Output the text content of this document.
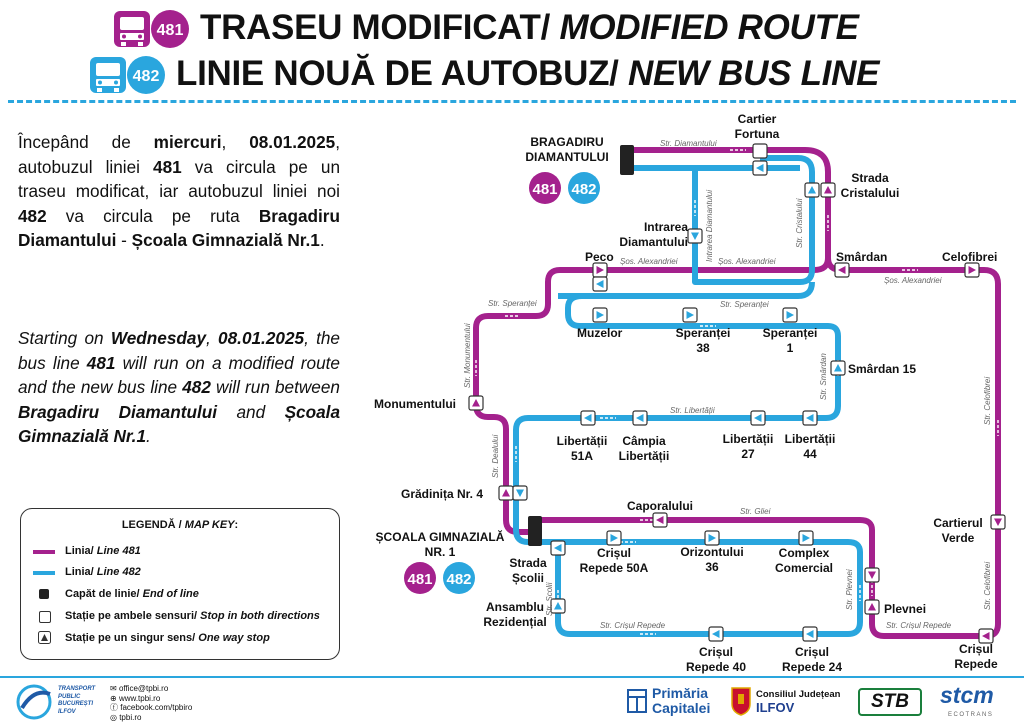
481 TRASEU MODIFICAT/ MODIFIED ROUTE
482 LINIE NOUĂ DE AUTOBUZ/ NEW BUS LINE
Începând de miercuri, 08.01.2025, autobuzul liniei 481 va circula pe un traseu modificat, iar autobuzul liniei noi 482 va circula pe ruta Bragadiru Diamantului - Școala Gimnazială Nr.1.
Starting on Wednesday, 08.01.2025, the bus line 481 will run on a modified route and the new bus line 482 will run between Bragadiru Diamantului and Școala Gimnazială Nr.1.
LEGENDĂ / MAP KEY:
Linia/ Line 481
Linia/ Line 482
Capăt de linie/ End of line
Stație pe ambele sensuri/ Stop in both directions
Stație pe un singur sens/ One way stop
Str. Diamantului
Șos. Alexandriei	Șos. Alexandriei
Șos. Alexandriei
Intrarea Diamantului	Str. Cristalului
Str. Speranței	Str. Speranței
Str. Monumentului	Str. Smârdan
Str. Libertății	Str. Celofibrei
Str. Celofibrei
Str. Dealului
Str. Gliei
Str. Școlii	Str. Plevnei
Str. Crișul Repede	Str. Crișul Repede
BRAGADIRU DIAMANTULUI
481 482
ȘCOALA GIMNAZIALĂ NR. 1
481 482
Cartier Fortuna
Strada Cristalului
Intrarea Diamantului
Peco	Smârdan	Celofibrei
Muzelor	Speranței 38
Speranței 1
Smârdan 15
Monumentului
Libertății 51A
Câmpia Libertății
Libertății 27
Libertății 44
Grădinița Nr. 4
Caporalului
Cartierul Verde
Strada Școlii
Crișul Repede 50A
Orizontului 36
Complex Comercial
Plevnei
Ansamblu Rezidențial
Crișul Repede 40
Crișul Repede 24
Crișul Repede
TRANSPORT
PUBLIC
BUCUREȘTI
ILFOV
✉ office@tpbi.ro
⊕ www.tpbi.ro
ⓕ facebook.com/tpbiro
◎ tpbi.ro
Primăria
Capitalei
Consiliul Județean
ILFOV	STB	stcm
ECOTRANS
